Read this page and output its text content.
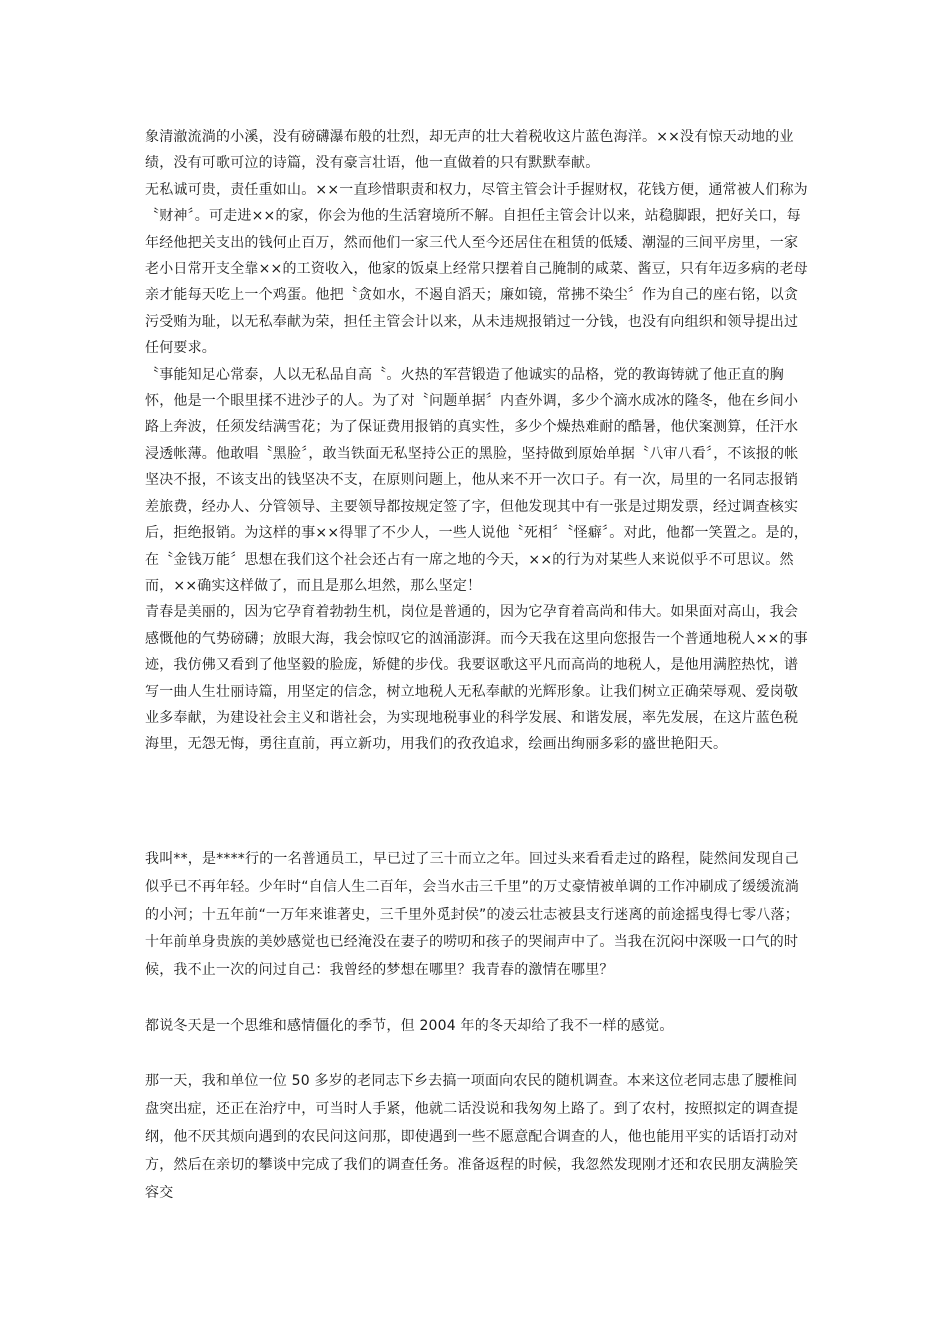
象清澈流淌的小溪，没有磅礴瀑布般的壮烈，却无声的壮大着税收这片蓝色海洋。××没有惊天动地的业绩，没有可歌可泣的诗篇，没有豪言壮语，他一直做着的只有默默奉献。

无私诚可贵，责任重如山。××一直珍惜职责和权力，尽管主管会计手握财权，花钱方便，通常被人们称为〝财神〞。可走进××的家，你会为他的生活窘境所不解。自担任主管会计以来，站稳脚跟，把好关口，每年经他把关支出的钱何止百万，然而他们一家三代人至今还居住在租赁的低矮、潮湿的三间平房里，一家老小日常开支全靠××的工资收入，他家的饭桌上经常只摆着自己腌制的咸菜、酱豆，只有年迈多病的老母亲才能每天吃上一个鸡蛋。他把〝贪如水，不遏自滔天；廉如镜，常拂不染尘〞作为自己的座右铭，以贪污受贿为耻，以无私奉献为荣，担任主管会计以来，从未违规报销过一分钱，也没有向组织和领导提出过任何要求。

〝事能知足心常泰，人以无私品自高〝。火热的军营锻造了他诚实的品格，党的教诲铸就了他正直的胸怀，他是一个眼里揉不进沙子的人。为了对〝问题单据〞内查外调，多少个滴水成冰的隆冬，他在乡间小路上奔波，任须发结满雪花；为了保证费用报销的真实性，多少个燥热难耐的酷暑，他伏案测算，任汗水浸透帐薄。他敢唱〝黑脸〞，敢当铁面无私坚持公正的黑脸，坚持做到原始单据〝八审八看〞，不该报的帐坚决不报，不该支出的钱坚决不支，在原则问题上，他从来不开一次口子。有一次，局里的一名同志报销差旅费，经办人、分管领导、主要领导都按规定签了字，但他发现其中有一张是过期发票，经过调查核实后，拒绝报销。为这样的事××得罪了不少人，一些人说他〝死相〞〝怪癖〞。对此，他都一笑置之。是的，在〝金钱万能〞思想在我们这个社会还占有一席之地的今天，××的行为对某些人来说似乎不可思议。然而，××确实这样做了，而且是那么坦然，那么坚定！

青春是美丽的，因为它孕育着勃勃生机，岗位是普通的，因为它孕育着高尚和伟大。如果面对高山，我会感慨他的气势磅礴；放眼大海，我会惊叹它的汹涌澎湃。而今天我在这里向您报告一个普通地税人××的事迹，我仿佛又看到了他坚毅的脸庞，矫健的步伐。我要讴歌这平凡而高尚的地税人，是他用满腔热忱，谱写一曲人生壮丽诗篇，用坚定的信念，树立地税人无私奉献的光辉形象。让我们树立正确荣辱观、爱岗敬业多奉献，为建设社会主义和谐社会，为实现地税事业的科学发展、和谐发展，率先发展，在这片蓝色税海里，无怨无悔，勇往直前，再立新功，用我们的孜孜追求，绘画出绚丽多彩的盛世艳阳天。

我叫**，是****行的一名普通员工，早已过了三十而立之年。回过头来看看走过的路程，陡然间发现自己似乎已不再年轻。少年时“自信人生二百年，会当水击三千里”的万丈豪情被单调的工作冲刷成了缓缓流淌的小河；十五年前“一万年来谁著史，三千里外觅封侯”的凌云壮志被县支行迷离的前途摇曳得七零八落；十年前单身贵族的美妙感觉也已经淹没在妻子的唠叨和孩子的哭闹声中了。当我在沉闷中深吸一口气的时候，我不止一次的问过自己：我曾经的梦想在哪里？我青春的激情在哪里？

都说冬天是一个思维和感情僵化的季节，但 2004 年的冬天却给了我不一样的感觉。

那一天，我和单位一位 50 多岁的老同志下乡去搞一项面向农民的随机调查。本来这位老同志患了腰椎间盘突出症，还正在治疗中，可当时人手紧，他就二话没说和我匆匆上路了。到了农村，按照拟定的调查提纲，他不厌其烦向遇到的农民问这问那，即使遇到一些不愿意配合调查的人，他也能用平实的话语打动对方，然后在亲切的攀谈中完成了我们的调查任务。准备返程的时候，我忽然发现刚才还和农民朋友满脸笑容交
